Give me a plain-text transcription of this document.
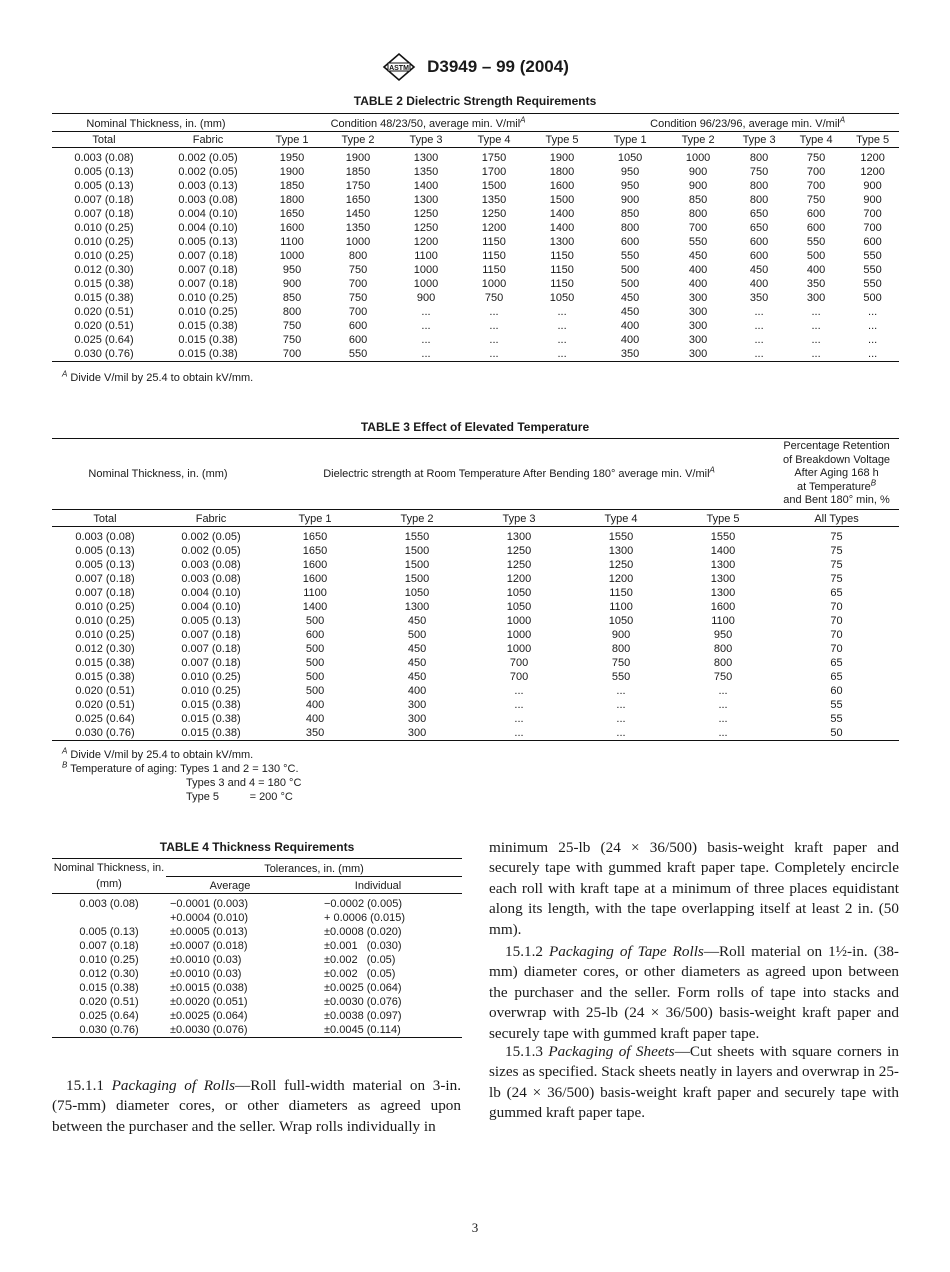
ASTM D3949 – 99 (2004)
TABLE 2 Dielectric Strength Requirements
Nominal Thickness, in. (mm)		Condition 48/23/50, average min. V/mil$^A$					Condition 96/23/96, average min. V/mil$^A$

Total	Fabric	Type 1	Type 2	Type 3	Type 4	Type 5	Type 1	Type 2	Type 3	Type 4	Type 5
0.003 (0.08)	0.002 (0.05)	1950	1900	1300	1750	1900	1050	1000	800	750	1200
0.005 (0.13)	0.002 (0.05)	1900	1850	1350	1700	1800	950	900	750	700	1200
0.005 (0.13)	0.003 (0.13)	1850	1750	1400	1500	1600	950	900	800	700	900
0.007 (0.18)	0.003 (0.08)	1800	1650	1300	1350	1500	900	850	800	750	900
0.007 (0.18)	0.004 (0.10)	1650	1450	1250	1250	1400	850	800	650	600	700
0.010 (0.25)	0.004 (0.10)	1600	1350	1250	1200	1400	800	700	650	600	700
0.010 (0.25)	0.005 (0.13)	1100	1000	1200	1150	1300	600	550	600	550	600
0.010 (0.25)	0.007 (0.18)	1000	800	1100	1150	1150	550	450	600	500	550
0.012 (0.30)	0.007 (0.18)	950	750	1000	1150	1150	500	400	450	400	550
0.015 (0.38)	0.007 (0.18)	900	700	1000	1000	1150	500	400	400	350	550
0.015 (0.38)	0.010 (0.25)	850	750	900	750	1050	450	300	350	300	500
0.020 (0.51)	0.010 (0.25)	800	700	...	...	...	450	300	...	...	...
0.020 (0.51)	0.015 (0.38)	750	600	...	...	...	400	300	...	...	...
0.025 (0.64)	0.015 (0.38)	750	600	...	...	...	400	300	...	...	...
0.030 (0.76)	0.015 (0.38)	700	550	...	...	...	350	300	...	...	...
$^A$ Divide V/mil by 25.4 to obtain kV/mm.
TABLE 3 Effect of Elevated Temperature
Nominal Thickness, in. (mm)		Dielectric strength at Room Temperature After Bending 180° average min. V/mil$^A$					Percentage Retention
of Breakdown Voltage
After Aging 168 h
at Temperature$^B$
and Bent 180° min, %
Total	Fabric	Type 1	Type 2	Type 3	Type 4	Type 5	All Types
0.003 (0.08)	0.002 (0.05)	1650	1550	1300	1550	1550	75
0.005 (0.13)	0.002 (0.05)	1650	1500	1250	1300	1400	75
0.005 (0.13)	0.003 (0.08)	1600	1500	1250	1250	1300	75
0.007 (0.18)	0.003 (0.08)	1600	1500	1200	1200	1300	75
0.007 (0.18)	0.004 (0.10)	1100	1050	1050	1150	1300	65
0.010 (0.25)	0.004 (0.10)	1400	1300	1050	1100	1600	70
0.010 (0.25)	0.005 (0.13)	500	450	1000	1050	1100	70
0.010 (0.25)	0.007 (0.18)	600	500	1000	900	950	70
0.012 (0.30)	0.007 (0.18)	500	450	1000	800	800	70
0.015 (0.38)	0.007 (0.18)	500	450	700	750	800	65
0.015 (0.38)	0.010 (0.25)	500	450	700	550	750	65
0.020 (0.51)	0.010 (0.25)	500	400	...	...	...	60
0.020 (0.51)	0.015 (0.38)	400	300	...	...	...	55
0.025 (0.64)	0.015 (0.38)	400	300	...	...	...	55
0.030 (0.76)	0.015 (0.38)	350	300	...	...	...	50
$^A$ Divide V/mil by 25.4 to obtain kV/mm.
$^B$ Temperature of aging: Types 1 and 2 = 130 °C.
Types 3 and 4 = 180 °C
Type 5          = 200 °C
TABLE 4 Thickness Requirements
Nominal Thickness, in.
(mm)	Tolerances, in. (mm)	
	Average	Individual
0.003 (0.08)	−0.0001 (0.003)	−0.0002 (0.005)
	+0.0004 (0.010)	+ 0.0006 (0.015)
0.005 (0.13)	±0.0005 (0.013)	±0.0008 (0.020)
0.007 (0.18)	±0.0007 (0.018)	±0.001   (0.030)
0.010 (0.25)	±0.0010 (0.03)	±0.002   (0.05)
0.012 (0.30)	±0.0010 (0.03)	±0.002   (0.05)
0.015 (0.38)	±0.0015 (0.038)	±0.0025 (0.064)
0.020 (0.51)	±0.0020 (0.051)	±0.0030 (0.076)
0.025 (0.64)	±0.0025 (0.064)	±0.0038 (0.097)
0.030 (0.76)	±0.0030 (0.076)	±0.0045 (0.114)

15.1.1 Packaging of Rolls—Roll full-width material on 3-in. (75-mm) diameter cores, or other diameters as agreed upon between the purchaser and the seller. Wrap rolls individually in

minimum 25-lb (24 × 36/500) basis-weight kraft paper and securely tape with gummed kraft paper tape. Completely encircle each roll with kraft tape at a minimum of three places equidistant along its length, with the tape overlapping itself at least 2 in. (50 mm).

15.1.2 Packaging of Tape Rolls—Roll material on 1½-in. (38-mm) diameter cores, or other diameters as agreed upon between the purchaser and the seller. Form rolls of tape into stacks and overwrap with 25-lb (24 × 36/500) basis-weight kraft paper and securely tape with gummed kraft paper tape.

15.1.3 Packaging of Sheets—Cut sheets with square corners in sizes as specified. Stack sheets neatly in layers and overwrap in 25-lb (24 × 36/500) basis-weight kraft paper and securely tape with gummed kraft paper tape.

3
